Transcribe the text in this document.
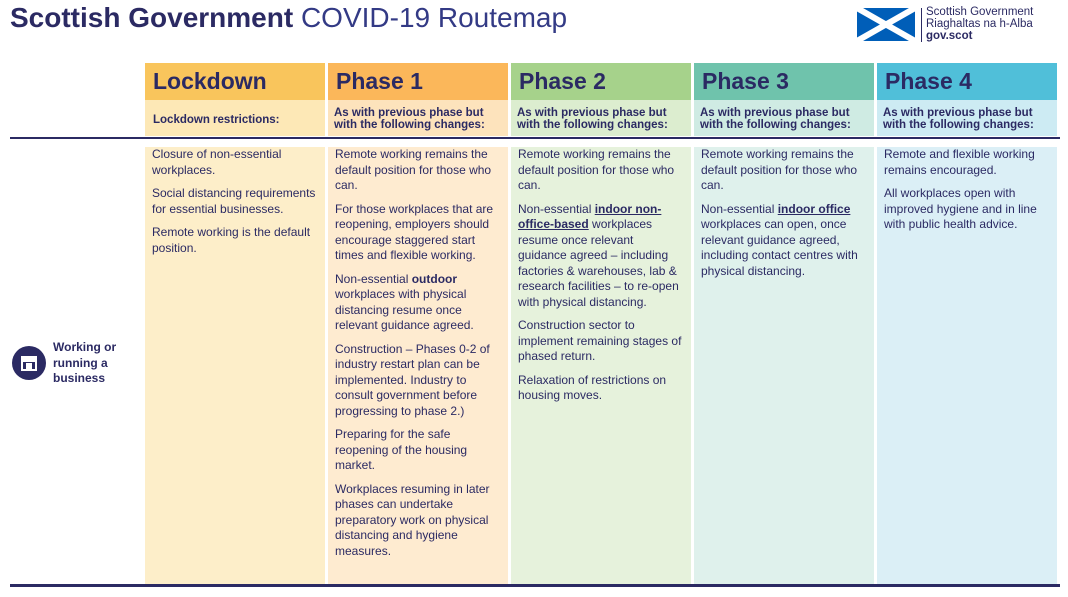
Scottish Government COVID-19 Routemap	Scottish Government
Riaghaltas na h-Alba
gov.scot
Lockdown
Lockdown restrictions:
Phase 1
As with previous phase but with the following changes:
Phase 2
As with previous phase but with the following changes:
Phase 3
As with previous phase but with the following changes:
Phase 4
As with previous phase but with the following changes:

Closure of non-essential workplaces.

Social distancing requirements for essential businesses.

Remote working is the default position.

Remote working remains the default position for those who can.

For those workplaces that are reopening, employers should encourage staggered start times and flexible working.

Non-essential outdoor workplaces with physical distancing resume once relevant guidance agreed.

Construction – Phases 0-2 of industry restart plan can be implemented. Industry to consult government before progressing to phase 2.)

Preparing for the safe reopening of the housing market.

Workplaces resuming in later phases can undertake preparatory work on physical distancing and hygiene measures.

Remote working remains the default position for those who can.

Non-essential indoor non-office-based workplaces resume once relevant guidance agreed – including factories & warehouses, lab & research facilities – to re-open with physical distancing.

Construction sector to implement remaining stages of phased return.

Relaxation of restrictions on housing moves.

Remote working remains the default position for those who can.

Non-essential indoor office workplaces can open, once relevant guidance agreed, including contact centres with physical distancing.

Remote and flexible working remains encouraged.

All workplaces open with improved hygiene and in line with public health advice.

Working or running a business
